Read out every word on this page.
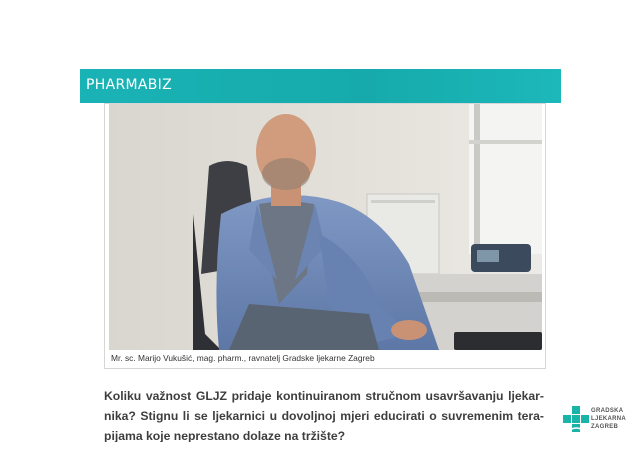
PHARMABIZ
Mr. sc. Marijo Vukušić, mag. pharm., ravnatelj Gradske ljekarne Zagreb
Koliku važnost GLJZ pridaje kontinuiranom stručnom usavršavanju ljekar-nika? Stignu li se ljekarnici u dovoljnoj mjeri educirati o suvremenim tera-pijama koje neprestano dolaze na tržište?
GRADSKA
LJEKARNA
ZAGREB
